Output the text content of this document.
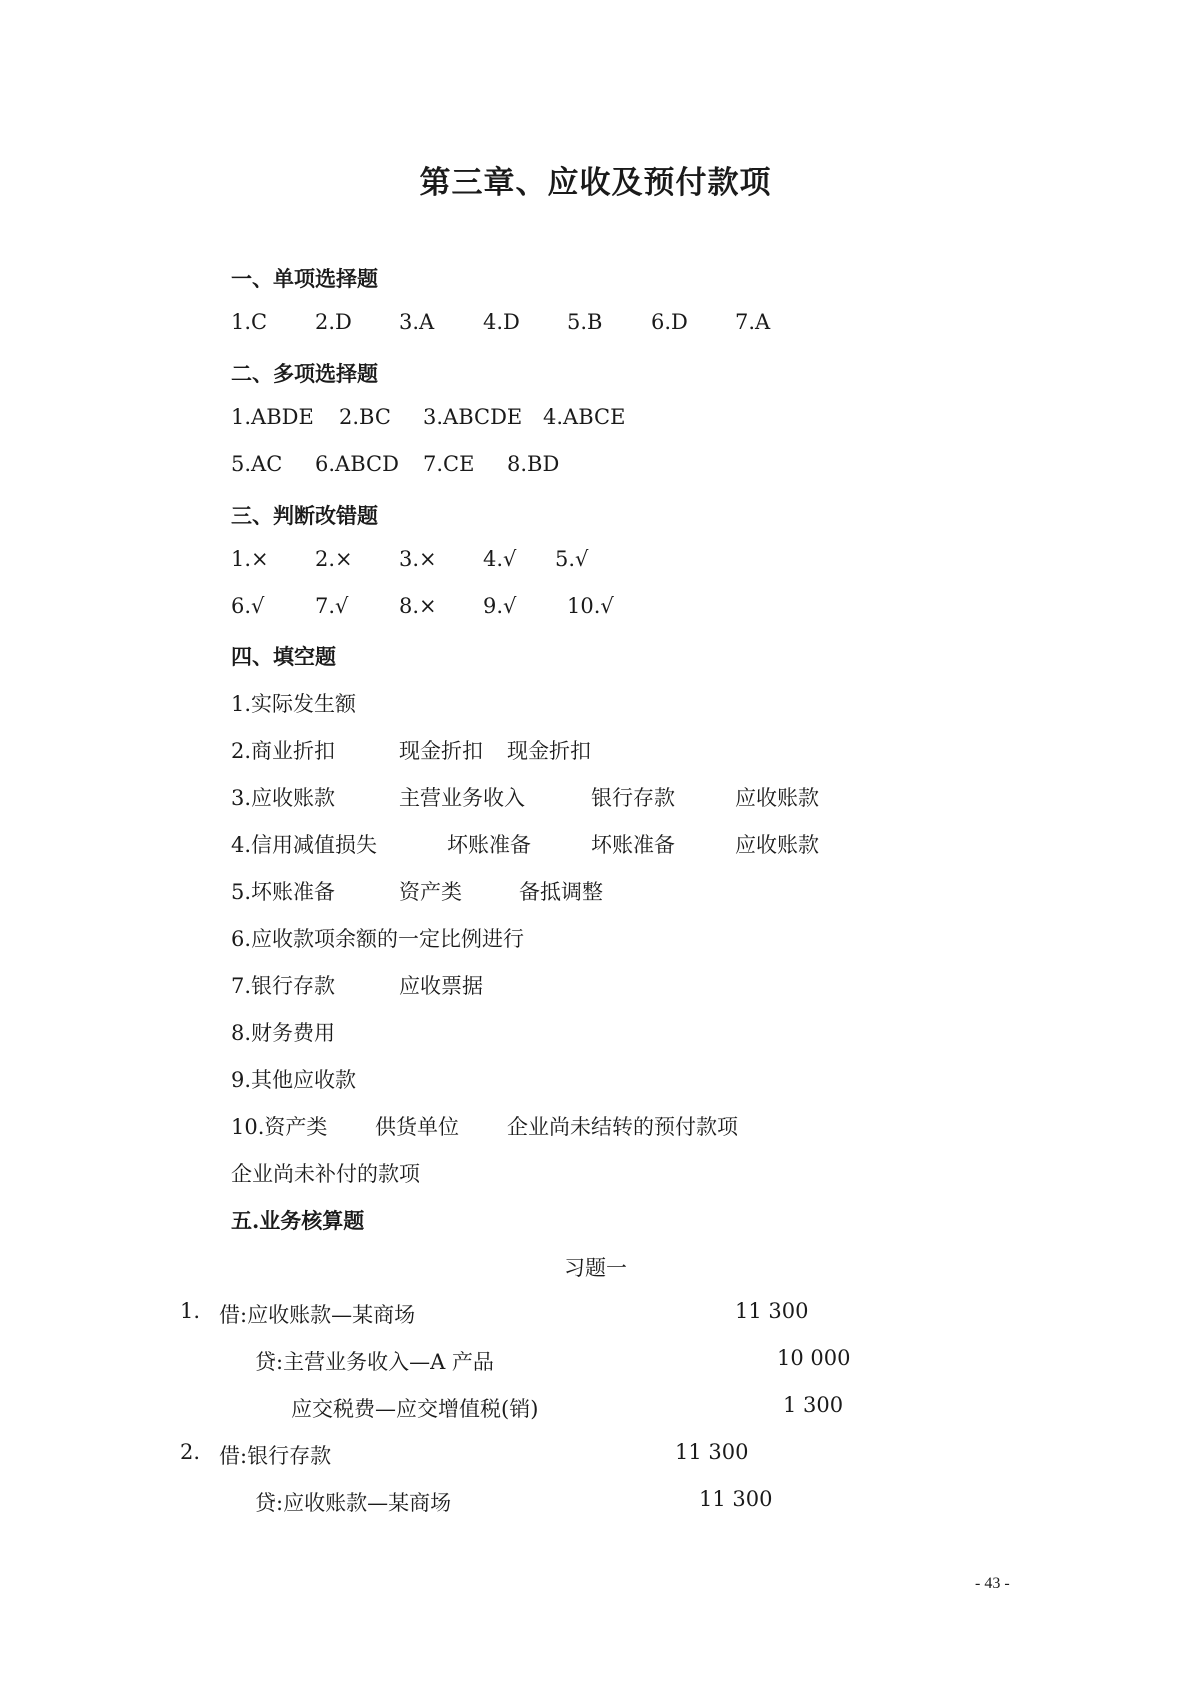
第三章、应收及预付款项
一、单项选择题
1.C 2.D 3.A 4.D 5.B 6.D 7.A
二、多项选择题
1.ABDE 2.BC 3.ABCDE 4.ABCE
5.AC 6.ABCD 7.CE 8.BD
三、判断改错题
1.× 2.× 3.× 4.√ 5.√
6.√ 7.√ 8.× 9.√ 10.√
四、填空题
1.实际发生额
2.商业折扣	现金折扣 现金折扣
3.应收账款	主营业务收入	银行存款	应收账款
4.信用减值损失	坏账准备	坏账准备	应收账款
5.坏账准备	资产类	备抵调整
6.应收款项余额的一定比例进行
7.银行存款	应收票据
8.财务费用
9.其他应收款
10.资产类 供货单位 企业尚未结转的预付款项
企业尚未补付的款项
五.业务核算题
习题一
1. 借:应收账款—某商场	11 300
贷:主营业务收入—A 产品	10 000
应交税费—应交增值税(销)	1 300
2. 借:银行存款	11 300
贷:应收账款—某商场	11 300
- 43 -
